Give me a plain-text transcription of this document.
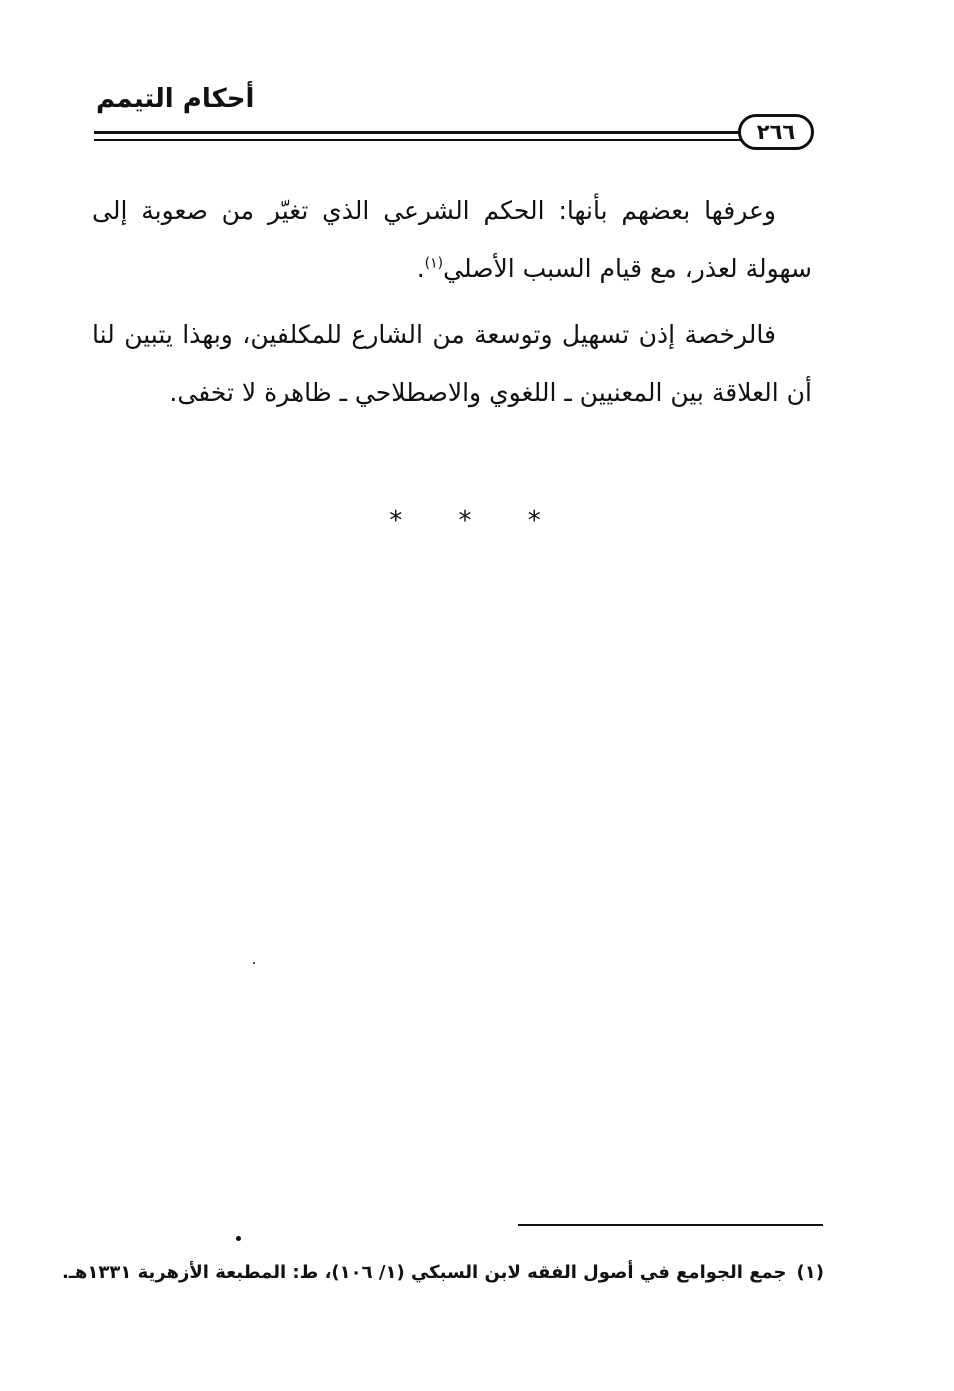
أحكام التيمم
٢٦٦
وعرفها بعضهم بأنها: الحكم الشرعي الذي تغيّر من صعوبة إلى سهولة لعذر، مع قيام السبب الأصلي$^{(١)}$.
فالرخصة إذن تسهيل وتوسعة من الشارع للمكلفين، وبهذا يتبين لنا أن العلاقة بين المعنيين ـ اللغوي والاصطلاحي ـ ظاهرة لا تخفى.
* * *
(١)جمع الجوامع في أصول الفقه لابن السبكي (١/ ١٠٦)، ط: المطبعة الأزهرية ١٣٣١هـ.
